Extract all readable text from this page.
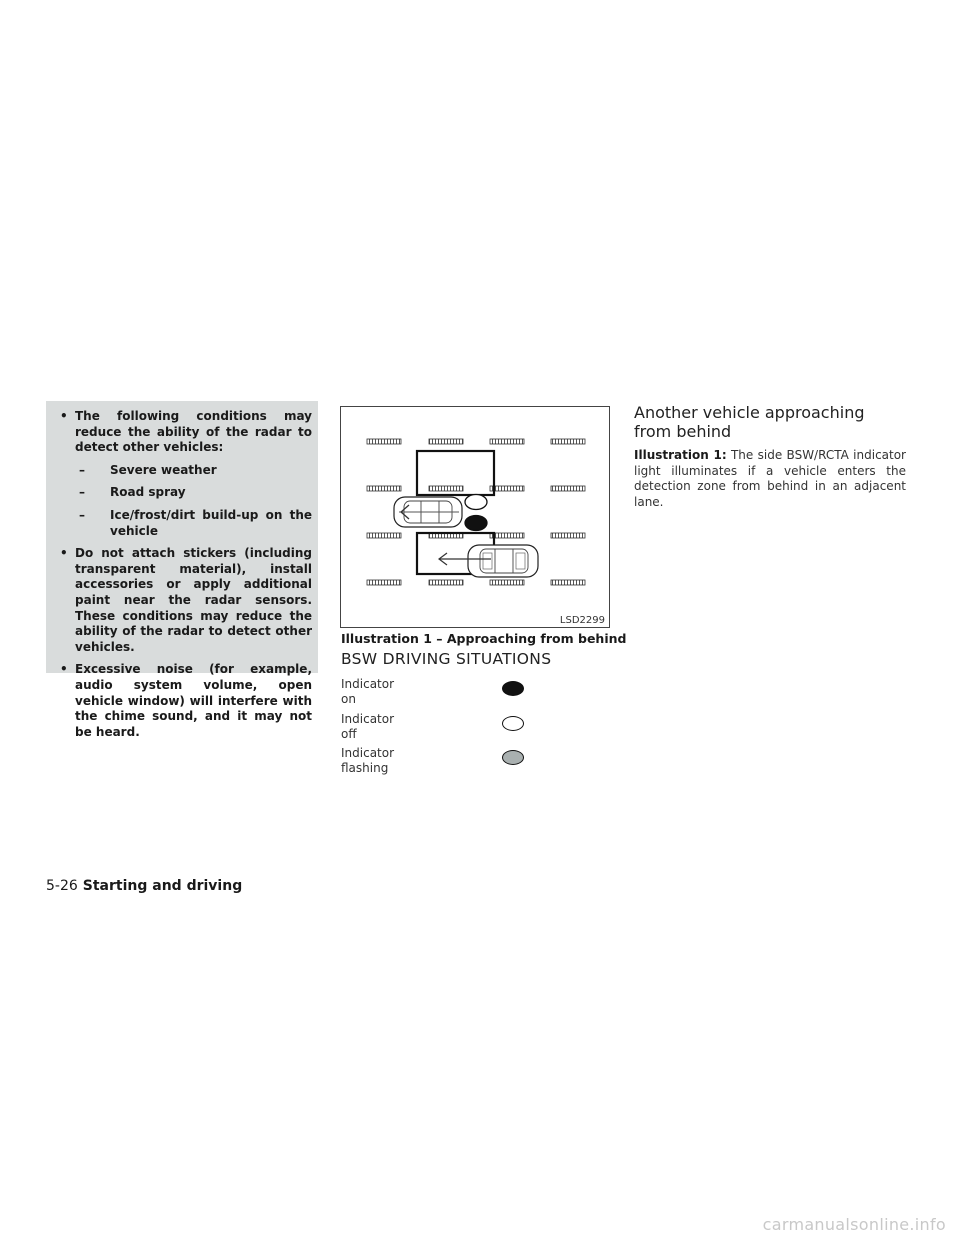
• The following conditions may reduce the ability of the radar to detect other vehicles:
– Severe weather
– Road spray
– Ice/frost/dirt build-up on the vehicle
• Do not attach stickers (including transparent material), install accessories or apply additional paint near the radar sensors. These conditions may reduce the ability of the radar to detect other vehicles.
• Excessive noise (for example, audio system volume, open vehicle window) will interfere with the chime sound, and it may not be heard.
LSD2299
Illustration 1 – Approaching from behind
BSW DRIVING SITUATIONS
Indicator on
Indicator off
Indicator flashing
Another vehicle approaching
from behind
Illustration 1: The side BSW/RCTA indicator light illuminates if a vehicle enters the detection zone from behind in an adjacent lane.
5-26 Starting and driving
carmanualsonline.info
